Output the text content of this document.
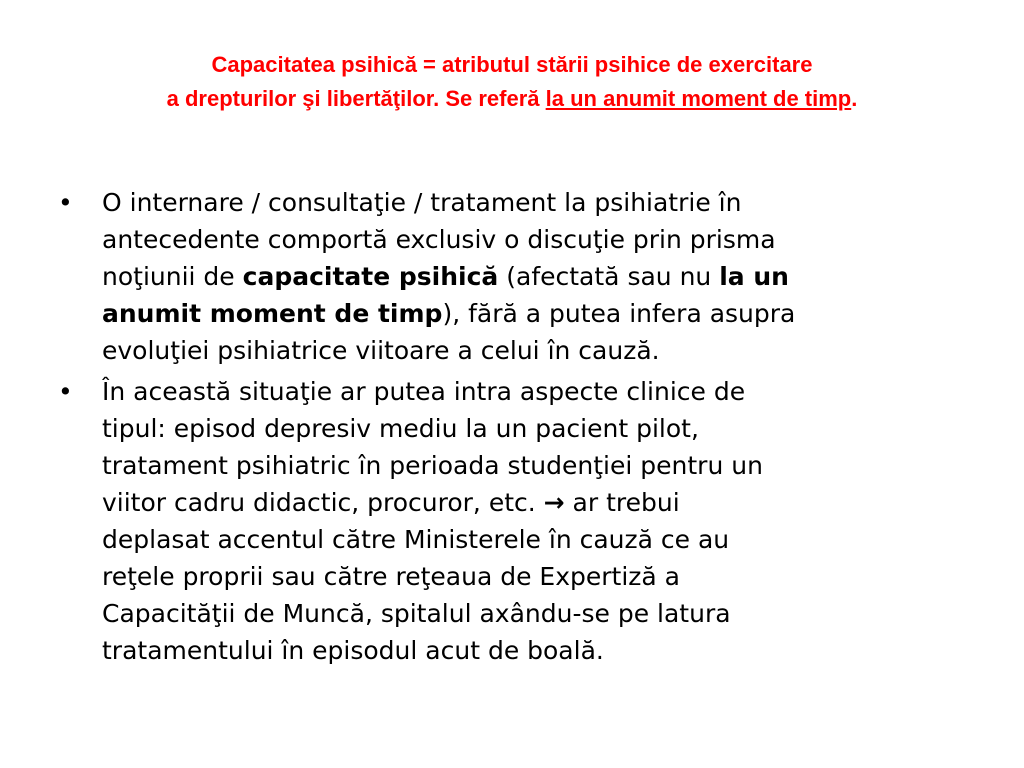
Capacitatea psihică = atributul stării psihice de exercitare
a drepturilor şi libertăţilor. Se referă la un anumit moment de timp.
•	O internare / consultaţie / tratament la psihiatrie în
antecedente comportă exclusiv o discuţie prin prisma
noţiunii de capacitate psihică (afectată sau nu la un
anumit moment de timp), fără a putea infera asupra
evoluţiei psihiatrice viitoare a celui în cauză.
•	În această situaţie ar putea intra aspecte clinice de
tipul: episod depresiv mediu la un pacient pilot,
tratament psihiatric în perioada studenţiei pentru un
viitor cadru didactic, procuror, etc. → ar trebui
deplasat accentul către Ministerele în cauză ce au
reţele proprii sau către reţeaua de Expertiză a
Capacităţii de Muncă, spitalul axându-se pe latura
tratamentului în episodul acut de boală.
